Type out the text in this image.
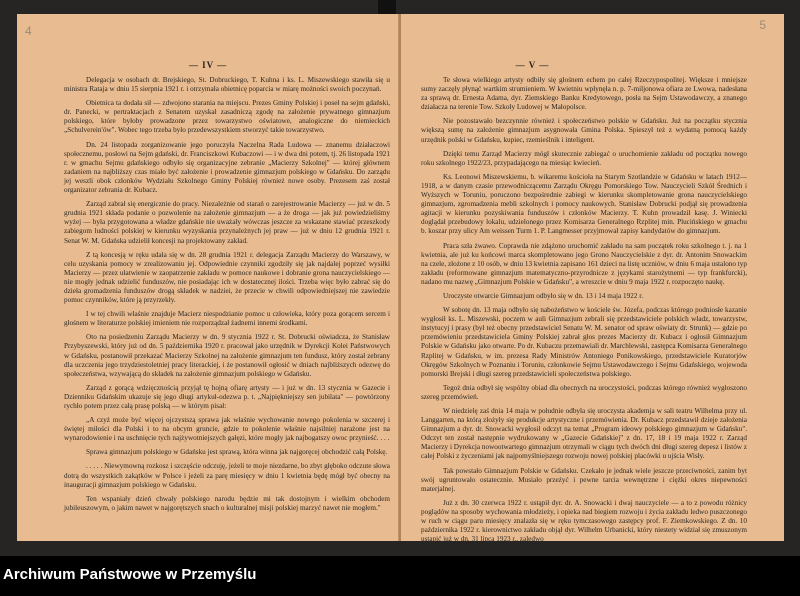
4
— IV —

Delegacja w osobach dr. Brejskiego, St. Dobruckiego, T. Kuhna i ks. L. Miszewskiego stawiła się u ministra Rataja w dniu 15 sierpnia 1921 r. i otrzymała obietnicę poparcia w miarę możności swoich poczynań.

Obietnica ta dodała sił — zdwojono starania na miejscu. Prezes Gminy Polskiej i poseł na sejm gdański, dr. Panecki, w pertraktacjach z Senatem uzyskał zasadniczą zgodę na założenie prywatnego gimnazjum polskiego, które byłoby prowadzone przez towarzystwo oświatowe, analogiczne do niemieckich „Schulverein'ów". Wobec tego trzeba było przedewszystkiem stworzyć takie towarzystwo.

Dn. 24 listopada zorganizowanie jego poruczyła Naczelna Rada Ludowa — znanemu działaczowi społecznemu, posłowi na Sejm gdański, dr. Franciszkowi Kubaczowi — i w dwa dni potem, tj. 26 listopada 1921 r. w gmachu Sejmu gdańskiego odbyło się organizacyjne zebranie „Macierzy Szkolnej" — której głównem zadaniem na najbliższy czas miało być założenie i prowadzenie gimnazjum polskiego w Gdańsku. Do zarządu jej weszli obok członków Wydziału Szkolnego Gminy Polskiej również nowe osoby. Prezesem zaś został organizator zebrania dr. Kubacz.

Zarząd zabrał się energicznie do pracy. Niezależnie od starań o zarejestrowanie Macierzy — już w dn. 5 grudnia 1921 składa podanie o pozwolenie na założenie gimnazjum — a że droga — jak już powiedzieliśmy wyżej — była przygotowana a władze gdańskie nie uważały wówczas jeszcze za wskazane stawiać przeszkody zabiegom ludności polskiej w kierunku wyzyskania przynależnych jej praw — już w dniu 12 grudnia 1921 r. Senat W. M. Gdańska udzielił koncesji na projektowany zakład.

Z tą koncesją w ręku udała się w dn. 28 grudnia 1921 r. delegacja Zarządu Macierzy do Warszawy, w celu uzyskania pomocy w zrealizowaniu jej. Odpowiednie czynniki zgodziły się jak najdalej poprzeć wysiłki Macierzy — przez ułatwienie w zaopatrzenie zakładu w pomoce naukowe i dobranie grona nauczycielskiego — nie mogły jednak udzielić funduszów, nie posiadając ich w dostatecznej ilości. Trzeba więc było zabrać się do dzieła gromadzenia funduszów drogą składek w nadziei, że przecie w chwili odpowiedniejszej nie zawiedzie pomoc czynników, które ją przyrzekły.

I w tej chwili właśnie znajduje Macierz niespodzianie pomoc u człowieka, który poza gorącem sercem i głośnem w literaturze polskiej imieniem nie rozporządzał żadnemi innemi środkami.

Oto na posiedzeniu Zarządu Macierzy w dn. 9 stycznia 1922 r. St. Dobrucki oświadcza, że Stanisław Przybyszewski, który już od dn. 5 października 1920 r. pracował jako urzędnik w Dyrekcji Kolei Państwowych w Gdańsku, postanowił przekazać Macierzy Szkolnej na założenie gimnazjum ten fundusz, który został zebrany dla uczczenia jego trzydziestoletniej pracy literackiej, i że postanowił ogłosić w dniach najbliższych odezwę do społeczeństwa, wzywającą do składek na założenie gimnazjum polskiego w Gdańsku.

Zarząd z gorącą wdzięcznością przyjął tę hojną ofiarę artysty — i już w dn. 13 stycznia w Gazecie i Dzienniku Gdańskim ukazuje się jego długi artykuł-odezwa p. t. „Najpiękniejszy sen jubilata" — powtórzony rychło potem przez całą prasę polską — w którym pisał:

„A czyż może być więcej ojczystszą sprawa jak właśnie wychowanie nowego pokolenia w szczerej i świętej miłości dla Polski i to na obcym gruncie, gdzie to pokolenie właśnie najsilniej narażone jest na wynarodowienie i na uschnięcie tych najżywotniejszych gałęzi, które mogły jak najbogatszy owoc przynieść. . . .

Sprawa gimnazjum polskiego w Gdańsku jest sprawą, która winna jak najgoręcej obchodzić całą Polskę.

. . . . . Niewymowną rozkosz i szczęście odczuję, jeżeli te moje niezdarne, bo zbyt głęboko odczute słowa dotrą do wszystkich zakątków w Polsce i jeżeli za parę miesięcy w dniu 1 kwietnia będę mógł być obecny na inauguracji gimnazjum polskiego w Gdańsku.

Ten wspaniały dzień chwały polskiego narodu będzie mi tak dostojnym i wielkim obchodem jubileuszowym, o jakim nawet w najgorętszych snach o kulturalnej misji polskiej marzyć nawet nie mogłem."

5
— V —

Te słowa wielkiego artysty odbiły się głośnem echem po całej Rzeczypospolitej. Większe i mniejsze sumy zaczęły płynąć wartkim strumieniem. W kwietniu wpłynęła n. p. 7-miljonowa ofiara ze Lwowa, nadesłana za sprawą dr. Ernesta Adama, dyr. Ziemskiego Banku Kredytowego, posła na Sejm Ustawodawczy, a znanego działacza na terenie Tow. Szkoły Ludowej w Małopolsce.

Nie pozostawało bezczynnie również i społeczeństwo polskie w Gdańsku. Już na początku stycznia większą sumę na założenie gimnazjum asygnowała Gmina Polska. Spieszył też z wydatną pomocą każdy urzędnik polski w Gdańsku, kupiec, rzemieślnik i inteligent.

Dzięki temu Zarząd Macierzy mógł skutecznie zabiegać o uruchomienie zakładu od początku nowego roku szkolnego 1922/23, przypadającego na miesiąc kwiecień.

Ks. Leonowi Miszewskiemu, b. wikaremu kościoła na Starym Szotlandzie w Gdańsku w latach 1912—1918, a w danym czasie przewodniczącemu Zarządu Okręgu Pomorskiego Tow. Nauczycieli Szkół Średnich i Wyższych w Toruniu, poruczono bezpośrednie zabiegi w kierunku skompletowanie grona nauczycielskiego gimnazjum, zgromadzenia mebli szkolnych i pomocy naukowych. Stanisław Dobrucki podjął się prowadzenia agitacji w kierunku pozyskiwania funduszów i członków Macierzy. T. Kuhn prowadził kasę. J. Winiecki doglądał przebudowy lokalu, udzielonego przez Komisarza Generalnego Rzplitej min. Plucińskiego w gmachu b. koszar przy ulicy Am weissen Turm 1. P. Langmesser przyjmował zapisy kandydatów do gimnazjum.

Praca szła żwawo. Coprawda nie zdążono uruchomić zakładu na sam początek roku szkolnego t. j. na 1 kwietnia, ale już ku końcowi marca skompletowano jego Grono Nauczycielskie z dyr. dr. Antonim Snowackim na czele, złożone z 10 osób, w dniu 13 kwietnia zapisano 161 dzieci na listę uczniów, w dniu 6 maja ustalono typ zakładu (reformowane gimnazjum matematyczno-przyrodnicze z językami starożytnemi — typ frankfurcki), nadano mu nazwę „Gimnazjum Polskie w Gdańsku", a wreszcie w dniu 9 maja 1922 r. rozpoczęto naukę.

Uroczyste otwarcie Gimnazjum odbyło się w dn. 13 i 14 maja 1922 r.

W sobotę dn. 13 maja odbyło się nabożeństwo w kościele św. Józefa, podczas którego podniosłe kazanie wygłosił ks. L. Miszewski, poczem w auli Gimnazjum zebrali się przedstawiciele polskich władz, towarzystw, instytucyj i prasy (był też obecny przedstawiciel Senatu W. M. senator od spraw oświaty dr. Strunk) — gdzie po przemówieniu przedstawiciela Gminy Polskiej zabrał głos prezes Macierzy dr. Kubacz i ogłosił Gimnazjum Polskie w Gdańsku jako otwarte. Po dr. Kubaczu przemawiali dr. Marchlewski, zastępca Komisarza Generalnego Rzplitej w Gdańsku, w im. prezesa Rady Ministrów Antoniego Ponikowskiego, przedstawiciele Kuratorjów Okręgów Szkolnych w Poznaniu i Toruniu, członkowie Sejmu Ustawodawczego i Sejmu Gdańskiego, wojewoda pomorski Brejski i długi szereg przedstawicieli społeczeństwa polskiego.

Tegoż dnia odbył się wspólny obiad dla obecnych na uroczystości, podczas którego również wygłoszono szereg przemówień.

W niedzielę zaś dnia 14 maja w południe odbyła się uroczysta akademja w sali teatru Wilhelma przy ul. Langgarten, na którą złożyły się produkcje artystyczne i przemówienia. Dr. Kubacz przedstawił dzieje założenia Gimnazjum a dyr. dr. Snowacki wygłosił odczyt na temat „Program ideowy polskiego gimnazjum w Gdańsku". Odczyt ten został następnie wydrukowany w „Gazecie Gdańskiej" z dn. 17, 18 i 19 maja 1922 r. Zarząd Macierzy i Dyrekcja nowootwartego gimnazjum otrzymali w ciągu tych dwóch dni długi szereg depesz i listów z całej Polski z życzeniami jak najpomyślniejszego rozwoju nowej polskiej placówki u ujścia Wisły.

Tak powstało Gimnazjum Polskie w Gdańsku. Czekało je jednak wiele jeszcze przeciwności, zanim byt swój ugruntowało ostatecznie. Musiało przeżyć i pewne tarcia wewnętrzne i ciężki okres niepewności materjalnej.

Już z dn. 30 czerwca 1922 r. ustąpił dyr. dr. A. Snowacki i dwaj nauczyciele — a to z powodu różnicy poglądów na sposoby wychowania młodzieży, i opieka nad biegiem rozwoju i życia zakładu ledwo puszczonego w ruch w ciągu paru miesięcy znalazła się w ręku tymczasowego zastępcy prof. F. Ziemkowskiego. Z dn. 10 października 1922 r. kierownictwo zakładu objął dyr. Wilhelm Urbanicki, który niestety widział się zmuszonym ustąpić już w dn. 31 lipca 1923 r., zaledwo

Archiwum Państwowe w Przemyślu
